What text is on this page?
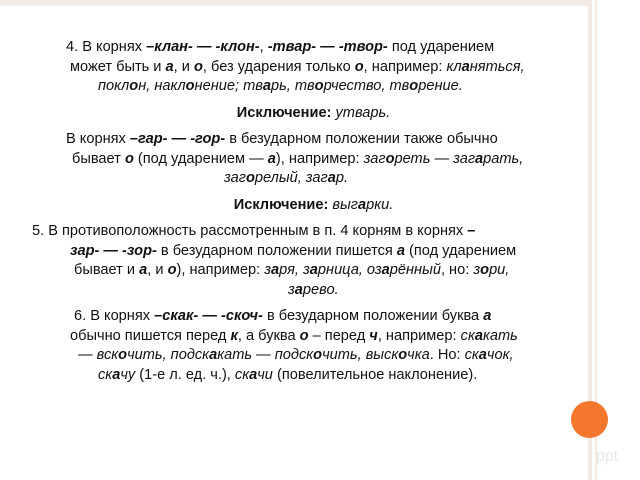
4. В корнях –клан- — -клон-, -твар- — -твор- под ударением
может быть и а, и о, без ударения только о, например: кланяться,
поклон, наклонение; тварь, творчество, творение.
Исключение: утварь.
В корнях –гар- — -гор- в безударном положении также обычно
бывает о (под ударением — а), например: загореть — загарать,
загорелый, загар.
Исключение: выгарки.
5. В противоположность рассмотренным в п. 4 корням в корнях –
зар- — -зор- в безударном положении пишется а (под ударением
бывает и а, и о), например: заря, зарница, озарённый, но: зори,
зарево.
6. В корнях –скак- — -скоч- в безударном положении буква а
обычно пишется перед к, а буква о – перед ч, например: скакать
— вскочить, подскакать — подскочить, выскочка. Но: скачок,
скачу (1-е л. ед. ч.), скачи (повелительное наклонение).
ppt
